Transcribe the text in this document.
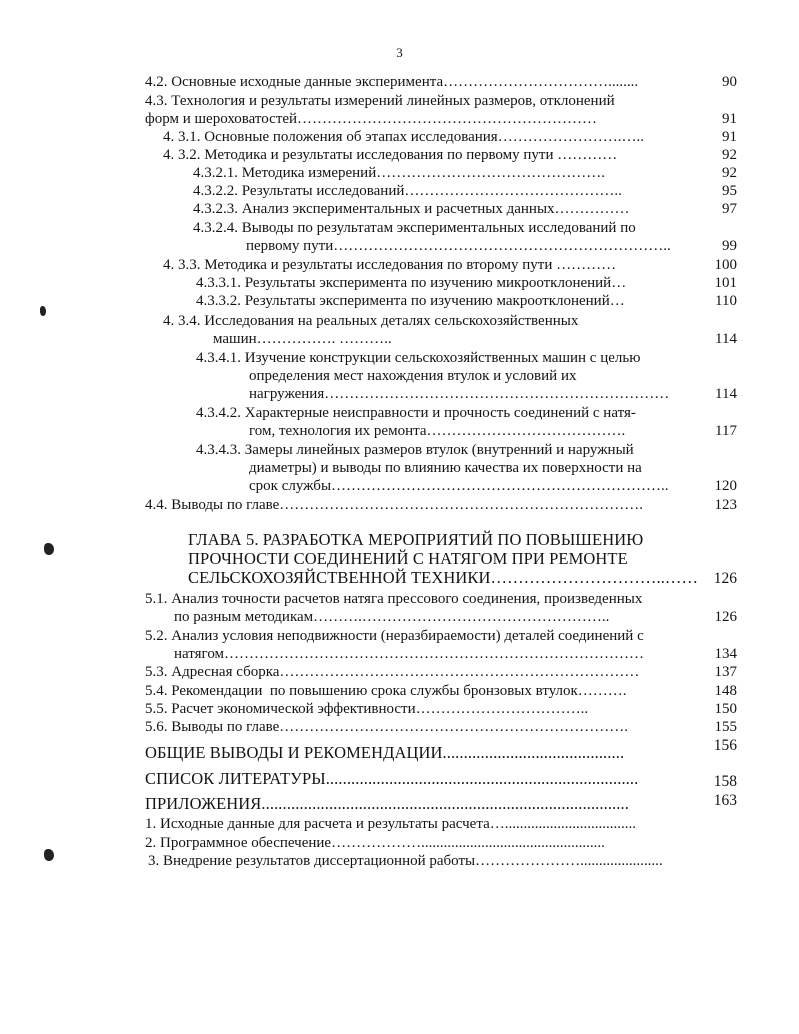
3
4.2. Основные исходные данные эксперимента……………………………........	90
4.3. Технология и результаты измерений линейных размеров, отклонений
форм и шероховатостей……………………………………………………	91
4. 3.1. Основные положения об этапах исследования…………………….…..	91
4. 3.2. Методика и результаты исследования по первому пути …………	92
4.3.2.1. Методика измерений……………………………………….	92
4.3.2.2. Результаты исследований……………………………………..	95
4.3.2.3. Анализ экспериментальных и расчетных данных……………	97
4.3.2.4. Выводы по результатам экспериментальных исследований по
первому пути…………………………………………………………..	99
4. 3.3. Методика и результаты исследования по второму пути …………	100
4.3.3.1. Результаты эксперимента по изучению микроотклонений…	101
4.3.3.2. Результаты эксперимента по изучению макроотклонений…	110
4. 3.4. Исследования на реальных деталях сельскохозяйственных
машин……………. ………..	114
4.3.4.1. Изучение конструкции сельскохозяйственных машин с целью
определения мест нахождения втулок и условий их
нагружения……………………………………………………………	114
4.3.4.2. Характерные неисправности и прочность соединений с натя-
гом, технология их ремонта………………………………….	117
4.3.4.3. Замеры линейных размеров втулок (внутренний и наружный
диаметры) и выводы по влиянию качества их поверхности на
срок службы…………………………………………………………..	120
4.4. Выводы по главе……………………………………………………………….	123
ГЛАВА 5. РАЗРАБОТКА МЕРОПРИЯТИЙ ПО ПОВЫШЕНИЮ
ПРОЧНОСТИ СОЕДИНЕНИЙ С НАТЯГОМ ПРИ РЕМОНТЕ
СЕЛЬСКОХОЗЯЙСТВЕННОЙ ТЕХНИКИ…………………………..…… 126
5.1. Анализ точности расчетов натяга прессового соединения, произведенных
по разным методикам……….…………………………………………..	126
5.2. Анализ условия неподвижности (неразбираемости) деталей соединений с
натягом…………………………………………………………………………	134
5.3. Адресная сборка………………………………………………………………	137
5.4. Рекомендации  по повышению срока службы бронзовых втулок……….	148
5.5. Расчет экономической эффективности……………………………..	150
5.6. Выводы по главе…………………………………………………………….	155
ОБЩИЕ ВЫВОДЫ И РЕКОМЕНДАЦИИ...........................................	156
СПИСОК ЛИТЕРАТУРЫ..........................................................................	158
ПРИЛОЖЕНИЯ.......................................................................................	163
1. Исходные данные для расчета и результаты расчета…...................................
2. Программное обеспечение……………….................................................
3. Внедрение результатов диссертационной работы…………………......................
